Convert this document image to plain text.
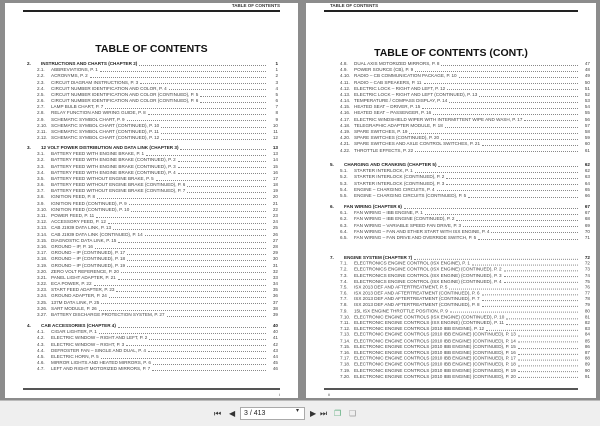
TABLE OF CONTENTS
TABLE OF CONTENTS
2.	INSTRUCTIONS AND CHARTS (CHAPTER 2)	1
2.1.	ABBREVIATIONS, P. 1	1
2.2.	ACRONYMS, P. 2	2
2.3.	CIRCUIT DIAGRAM INSTRUCTIONS, P. 3	3
2.4.	CIRCUIT NUMBER IDENTIFICATION AND COLOR, P. 4	4
2.5.	CIRCUIT NUMBER IDENTIFICATION AND COLOR (CONTINUED), P. 5	5
2.6.	CIRCUIT NUMBER IDENTIFICATION AND COLOR (CONTINUED), P. 6	6
2.7.	LAMP BULB CHART, P. 7	7
2.8.	RELAY FUNCTION AND WIRING GUIDE, P. 8	8
2.9.	SCHEMATIC SYMBOL CHART, P. 9	9
2.10. SCHEMATIC SYMBOL CHART (CONTINUED), P. 10	10
2.11. SCHEMATIC SYMBOL CHART (CONTINUED), P. 11	11
2.12. SCHEMATIC SYMBOL CHART (CONTINUED), P. 12	12
3.	12 VOLT POWER DISTRIBUTION AND DATA LINK (CHAPTER 3)	13
3.1.	BATTERY FEED WITH ENGINE BRAKE, P. 1	13
3.2.	BATTERY FEED WITH ENGINE BRAKE (CONTINUED), P. 2	14
3.3.	BATTERY FEED WITH ENGINE BRAKE (CONTINUED), P. 3	15
3.4.	BATTERY FEED WITH ENGINE BRAKE (CONTINUED), P. 4	16
3.5.	BATTERY FEED WITHOUT ENGINE BRAKE, P. 5	17
3.6.	BATTERY FEED WITHOUT ENGINE BRAKE (CONTINUED), P. 6	18
3.7.	BATTERY FEED WITHOUT ENGINE BRAKE (CONTINUED), P. 7	19
3.8.	IGNITION FEED, P. 8	20
3.9.	IGNITION FEED (CONTINUED), P. 9	21
3.10. IGNITION FEED (CONTINUED), P. 10	22
3.11. POWER FEED, P. 11	23
3.12. ACCESSORY FEED, P. 12	24
3.13. CAB J1939 DATA LINK, P. 13	25
3.14. CAB J1939 DATA LINK (CONTINUED), P. 14	26
3.15. DIAGNOSTIC DATA LINK, P. 15	27
3.16. GROUND – IP, P. 16	28
3.17. GROUND – IP (CONTINUED), P. 17	29
3.18. GROUND – IP (CONTINUED), P. 18	30
3.19. GROUND – IP (CONTINUED), P. 19	31
3.20. ZERO VOLT REFERENCE, P. 20	32
3.21. PANEL LIGHT ADAPTER, P. 21	33
3.22. ECA POWER, P. 22	34
3.23. START FEED ADAPTER, P. 23	35
3.24. GROUND ADAPTER, P. 24	36
3.25. 137M DATA LINK, P. 25	37
3.26. SART MODULE, P. 26	38
3.27. BATTERY DISCHARGE PROTECTION SYSTEM, P. 27	39
4.	CAB ACCESSORIES (CHAPTER 4)	40
4.1.	CIGAR LIGHTER, P. 1	40
4.2.	ELECTRIC WINDOW – RIGHT AND LEFT, P. 2	41
4.3.	ELECTRIC WINDOW – RIGHT, P. 3	42
4.4.	DEFROSTER FAN – SINGLE AND DUAL, P. 4	43
4.5.	ELECTRIC HORN, P. 5	44
4.6.	MIRROR LIGHTS AND HEATED MIRRORS, P. 6	45
4.7.	LEFT AND RIGHT MOTORIZED MIRRORS, P. 7	46
i
TABLE OF CONTENTS
TABLE OF CONTENTS (CONT.)
4.8.	DUAL AXIS MOTORIZED MIRRORS, P. 8	47
4.9.	POWER SOURCE (CB), P. 9	48
4.10. RADIO – CB COMMUNICATION PACKAGE, P. 10	49
4.11. RADIO – CAB SPEAKERS, P. 11	50
4.12. ELECTRIC LOCK – RIGHT AND LEFT, P. 12	51
4.13. ELECTRIC LOCK – RIGHT AND LEFT (CONTINUED), P. 13	52
4.14. TEMPERATURE / COMPASS DISPLAY, P. 14	53
4.15. HEATED SEAT – DRIVER, P. 15	54
4.16. HEATED SEAT – PASSENGER, P. 16	55
4.17. ELECTRIC WINDSHIELD WIPER WITH INTERMITTENT WIPE AND WASH, P. 17	56
4.18. TELEGRAPHIC ADAPTER MODULE, P. 18	57
4.19. SPARE SWITCHES, P. 19	58
4.20. SPARE SWITCHES (CONTINUED), P. 20	59
4.21. SPARE SWITCHES AND AXLE CONTROL SWITCHES, P. 21	60
4.22. THROTTLE EFFECTS, P. 22	61
5.	CHARGING AND CRANKING (CHAPTER 5)	62
5.1.	STARTER INTERLOCK, P. 1	62
5.2.	STARTER INTERLOCK (CONTINUED), P. 2	63
5.3.	STARTER INTERLOCK (CONTINUED), P. 3	64
5.4.	ENGINE – CHARGING CIRCUITS, P. 4	65
5.5.	ENGINE – CHARGING CIRCUITS (CONTINUED), P. 5	66
6.	FAN WIRING (CHAPTER 6)	67
6.1.	FAN WIRING – IBB ENGINE, P. 1	67
6.2.	FAN WIRING – IBB ENGINE (CONTINUED), P. 2	68
6.3.	FAN WIRING – VARIABLE SPEED FAN DRIVE, P. 3	69
6.4.	FAN WIRING – FAN AND ETHER START WITH ISX ENGINE, P. 4	70
6.5.	FAN WIRING – FAN DRIVE AND OVERRIDE SWITCH, P. 5	71
7.	ENGINE SYSTEM (CHAPTER 7)	72
7.1.	ELECTRONICS ENGINE CONTROL (ISX ENGINE), P. 1	72
7.2.	ELECTRONICS ENGINE CONTROL (ISX ENGINE) (CONTINUED), P. 2	73
7.3.	ELECTRONICS ENGINE CONTROL (ISX ENGINE) (CONTINUED), P. 3	74
7.4.	ELECTRONICS ENGINE CONTROL (ISX ENGINE) (CONTINUED), P. 4	75
7.5.	ISX 2013 DEF AND AFTERTREATMENT, P. 5	76
7.6.	ISX 2013 DEF AND AFTERTREATMENT (CONTINUED), P. 6	77
7.7.	ISX 2013 DEF AND AFTERTREATMENT (CONTINUED), P. 7	78
7.8.	ISX 2013 DEF AND AFTERTREATMENT (CONTINUED), P. 8	79
7.9.	15L ISX ENGINE THROTTLE POSITION, P. 9	80
7.10. ELECTRONIC ENGINE CONTROLS (ISX ENGINE) (CONTINUED), P. 10	81
7.11. ELECTRONIC ENGINE CONTROLS (ISX ENGINE) (CONTINUED), P. 11	82
7.12. ELECTRONIC ENGINE CONTROLS (2010 IBB ENGINE), P. 12	83
7.13. ELECTRONIC ENGINE CONTROLS (2010 IBB ENGINE) (CONTINUED), P. 13	84
7.14. ELECTRONIC ENGINE CONTROLS (2010 IBB ENGINE) (CONTINUED), P. 14	85
7.15. ELECTRONIC ENGINE CONTROLS (2010 IBB ENGINE) (CONTINUED), P. 15	86
7.16. ELECTRONIC ENGINE CONTROLS (2010 IBB ENGINE) (CONTINUED), P. 16	87
7.17. ELECTRONIC ENGINE CONTROLS (2010 IBB ENGINE) (CONTINUED), P. 17	88
7.18. ELECTRONIC ENGINE CONTROLS (2010 IBB ENGINE) (CONTINUED), P. 18	89
7.19. ELECTRONIC ENGINE CONTROLS (2010 IBB ENGINE) (CONTINUED), P. 19	90
7.20. ELECTRONIC ENGINE CONTROLS (2010 IBB ENGINE) (CONTINUED), P. 20	91
ii
⏮ ◀	3 / 413	▾ ▶ ⏭ ❐ ❑
